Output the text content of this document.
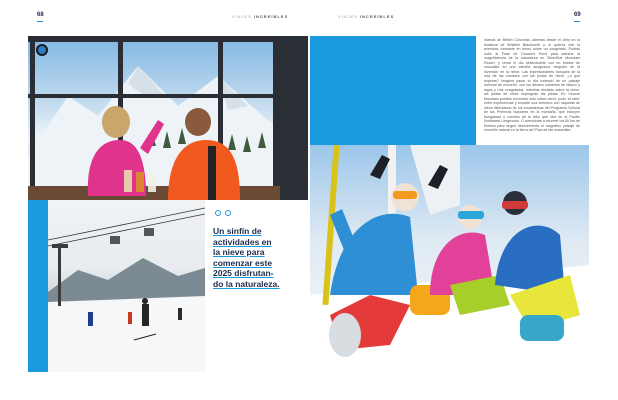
68	VIAJES INCREÍBLES	VIAJES INCREÍBLES	69
Un sinfín de
actividades en
la nieve para
comenzar este
2025 disfrutan-
do la naturaleza.
Islands de British Columbia, además desde el cielo en la fortaleza de Whistler Blackcomb y, si quieres vivir la aventura, tumbarte en trineo sobre un congelado. Podrás subir al Peak de Grouse's Pond para admirar la magnificencia de la naturaleza en SilverStar Mountain Resort, y cenar el día deslizándote con un fondue de chocolate en una cabaña acogedora después de la diversión en la nieve. Las impresionantes bosques de la ruta de las cumbres con las pistas de nieve, ¿a qué esperas? Imagina pasar tu día rodeado de un paisaje invernal de ensueño, con los árboles cubiertos de blanco y lagos y ríos congelados, mientras deslizas sobre la nieve, las pistas de nieve impregnan las pistas. En Grouse Mountain puedes encontrar esto sobre nieve, junto 'al cielo' entre experiencias y tomarte una aventura con raquetas de nieve disfrutando de los ecosistemas del Programa Cultural de las Primeras Naciones en la montaña, que incluyen bungalows y cuentos de la tribu que vive en el Pacific Northwest Longhouse. O aventúrate a recorrer los 80 km de tirolesa para seguir descubriendo el magnífico paisaje de ensueño natural en la tierra del 'País de las maravillas'.
